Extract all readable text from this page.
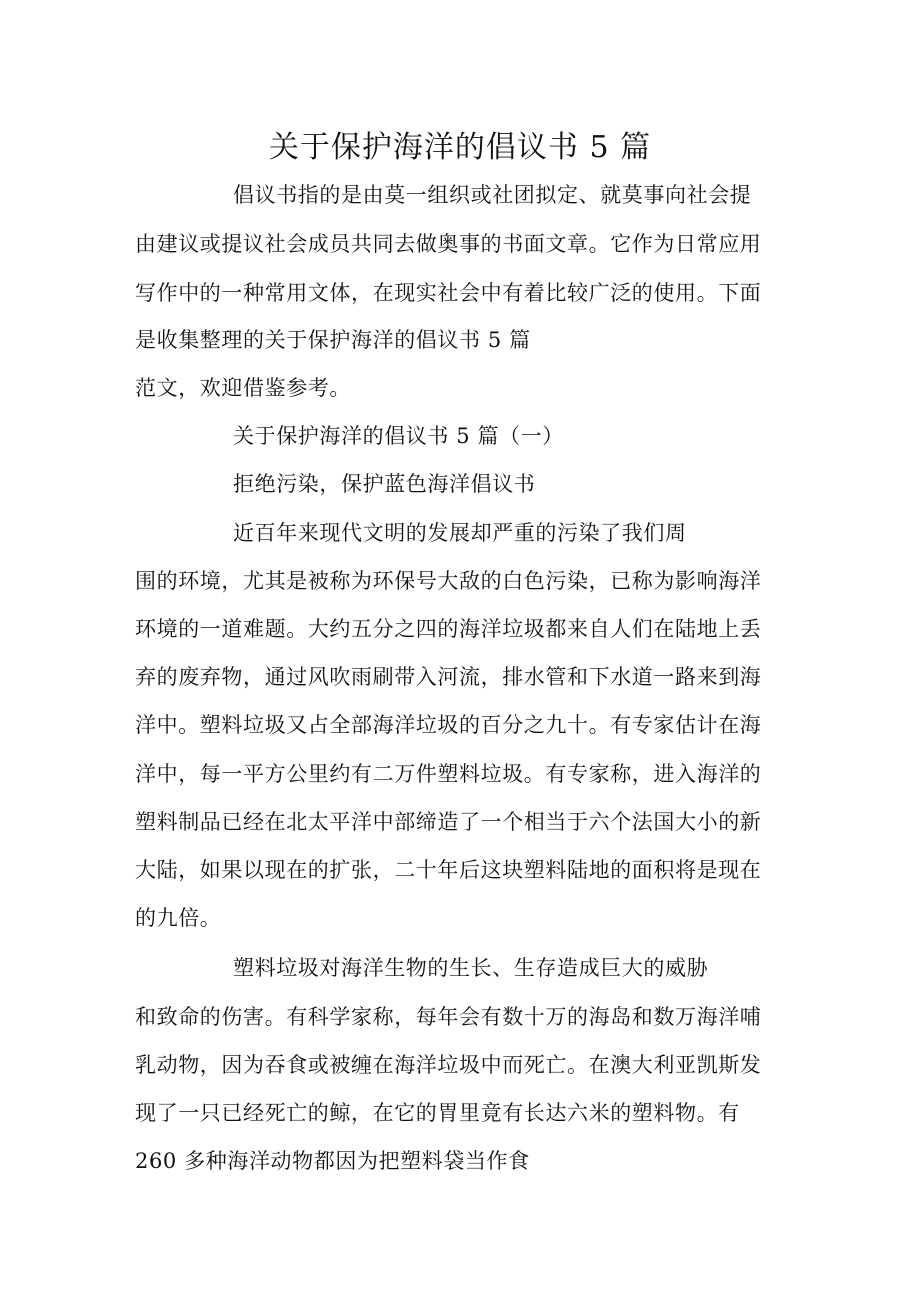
关于保护海洋的倡议书 5 篇
倡议书指的是由莫一组织或社团拟定、就莫事向社会提
由建议或提议社会成员共同去做奥事的书面文章。它作为日常应用
写作中的一种常用文体，在现实社会中有着比较广泛的使用。下面
是收集整理的关于保护海洋的倡议书 5 篇
范文，欢迎借鉴参考。
关于保护海洋的倡议书 5 篇（一）
拒绝污染，保护蓝色海洋倡议书
近百年来现代文明的发展却严重的污染了我们周
围的环境，尤其是被称为环保号大敌的白色污染，已称为影响海洋
环境的一道难题。大约五分之四的海洋垃圾都来自人们在陆地上丢
弃的废弃物，通过风吹雨刷带入河流，排水管和下水道一路来到海
洋中。塑料垃圾又占全部海洋垃圾的百分之九十。有专家估计在海
洋中，每一平方公里约有二万件塑料垃圾。有专家称，进入海洋的
塑料制品已经在北太平洋中部缔造了一个相当于六个法国大小的新
大陆，如果以现在的扩张，二十年后这块塑料陆地的面积将是现在
的九倍。
塑料垃圾对海洋生物的生长、生存造成巨大的威胁
和致命的伤害。有科学家称，每年会有数十万的海岛和数万海洋哺
乳动物，因为吞食或被缠在海洋垃圾中而死亡。在澳大利亚凯斯发
现了一只已经死亡的鲸，在它的胃里竟有长达六米的塑料物。有
260 多种海洋动物都因为把塑料袋当作食
